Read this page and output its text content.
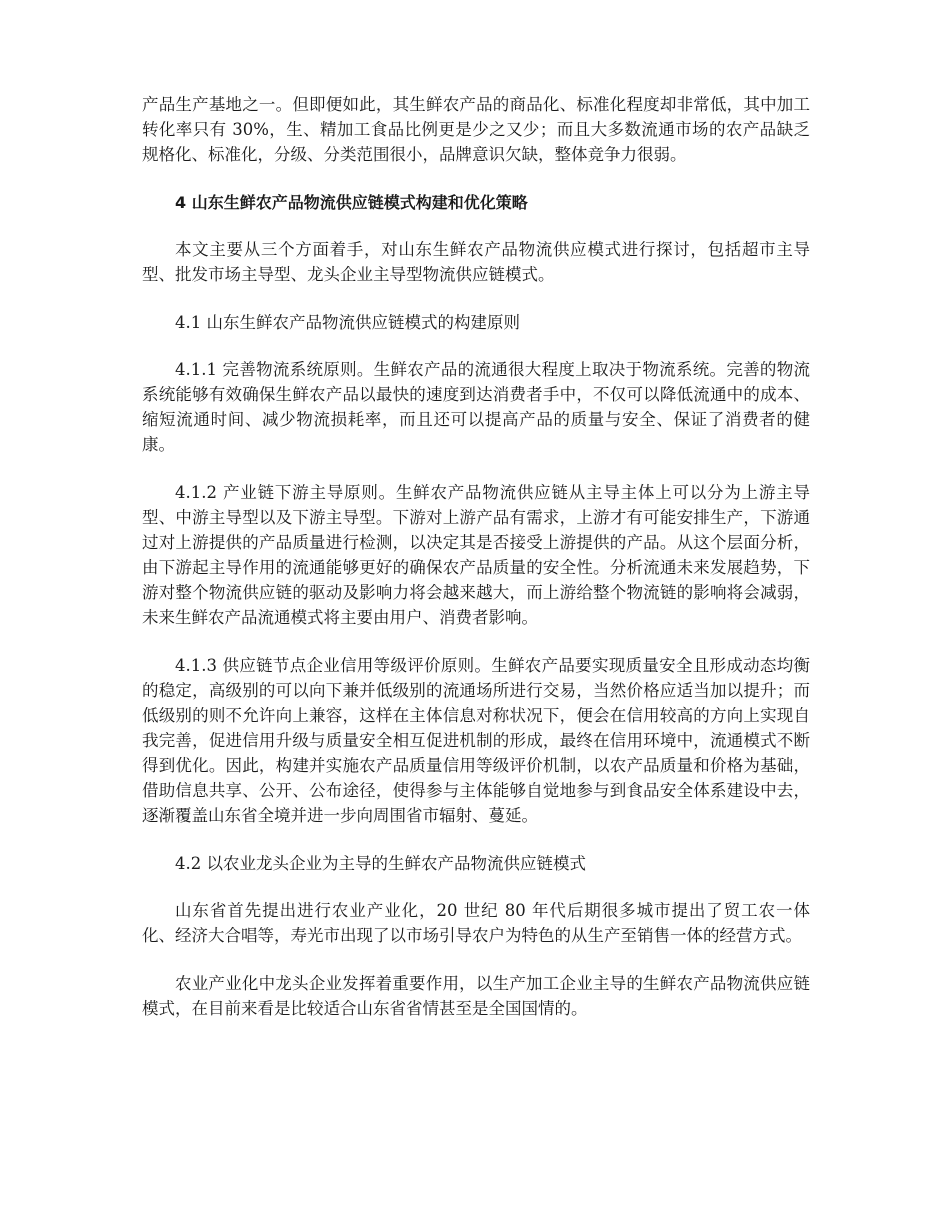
产品生产基地之一。但即便如此，其生鲜农产品的商品化、标准化程度却非常低，其中加工转化率只有 30%，生、精加工食品比例更是少之又少；而且大多数流通市场的农产品缺乏规格化、标准化，分级、分类范围很小，品牌意识欠缺，整体竞争力很弱。

4 山东生鲜农产品物流供应链模式构建和优化策略

本文主要从三个方面着手，对山东生鲜农产品物流供应模式进行探讨，包括超市主导型、批发市场主导型、龙头企业主导型物流供应链模式。

4.1 山东生鲜农产品物流供应链模式的构建原则

4.1.1 完善物流系统原则。生鲜农产品的流通很大程度上取决于物流系统。完善的物流系统能够有效确保生鲜农产品以最快的速度到达消费者手中，不仅可以降低流通中的成本、缩短流通时间、减少物流损耗率，而且还可以提高产品的质量与安全、保证了消费者的健康。

4.1.2 产业链下游主导原则。生鲜农产品物流供应链从主导主体上可以分为上游主导型、中游主导型以及下游主导型。下游对上游产品有需求，上游才有可能安排生产，下游通过对上游提供的产品质量进行检测，以决定其是否接受上游提供的产品。从这个层面分析，由下游起主导作用的流通能够更好的确保农产品质量的安全性。分析流通未来发展趋势，下游对整个物流供应链的驱动及影响力将会越来越大，而上游给整个物流链的影响将会减弱，未来生鲜农产品流通模式将主要由用户、消费者影响。

4.1.3 供应链节点企业信用等级评价原则。生鲜农产品要实现质量安全且形成动态均衡的稳定，高级别的可以向下兼并低级别的流通场所进行交易，当然价格应适当加以提升；而低级别的则不允许向上兼容，这样在主体信息对称状况下，便会在信用较高的方向上实现自我完善，促进信用升级与质量安全相互促进机制的形成，最终在信用环境中，流通模式不断得到优化。因此，构建并实施农产品质量信用等级评价机制，以农产品质量和价格为基础，借助信息共享、公开、公布途径，使得参与主体能够自觉地参与到食品安全体系建设中去，逐渐覆盖山东省全境并进一步向周围省市辐射、蔓延。

4.2 以农业龙头企业为主导的生鲜农产品物流供应链模式

山东省首先提出进行农业产业化，20 世纪 80 年代后期很多城市提出了贸工农一体化、经济大合唱等，寿光市出现了以市场引导农户为特色的从生产至销售一体的经营方式。

农业产业化中龙头企业发挥着重要作用，以生产加工企业主导的生鲜农产品物流供应链模式，在目前来看是比较适合山东省省情甚至是全国国情的。
